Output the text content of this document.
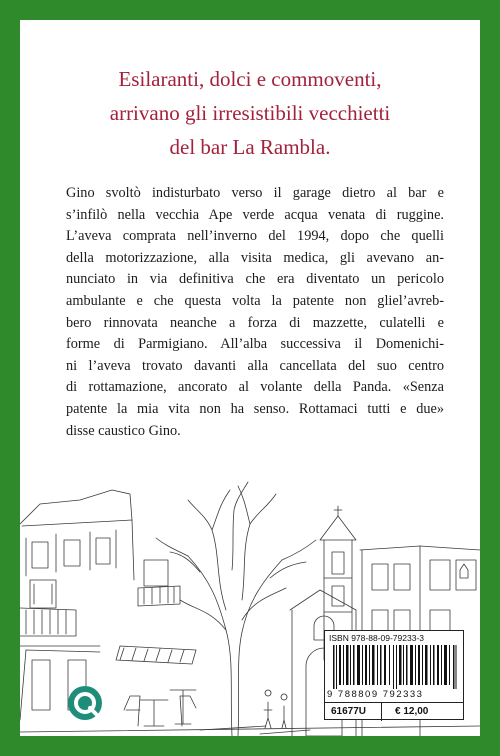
Esilaranti, dolci e commoventi,
arrivano gli irresistibili vecchietti
del bar La Rambla.

Gino svoltò indisturbato verso il garage dietro al bar e
s’infilò nella vecchia Ape verde acqua venata di ruggine.
L’aveva comprata nell’inverno del 1994, dopo che quelli
della motorizzazione, alla visita medica, gli avevano an-
nunciato in via definitiva che era diventato un pericolo
ambulante e che questa volta la patente non gliel’avreb-
bero rinnovata neanche a forza di mazzette, culatelli e
forme di Parmigiano. All’alba successiva il Domenichi-
ni l’aveva trovato davanti alla cancellata del suo centro
di rottamazione, ancorato al volante della Panda. «Senza
patente la mia vita non ha senso. Rottamaci tutti e due»
disse caustico Gino.

ISBN 978-88-09-79233-3
9 788809 792333
61677U	€ 12,00
